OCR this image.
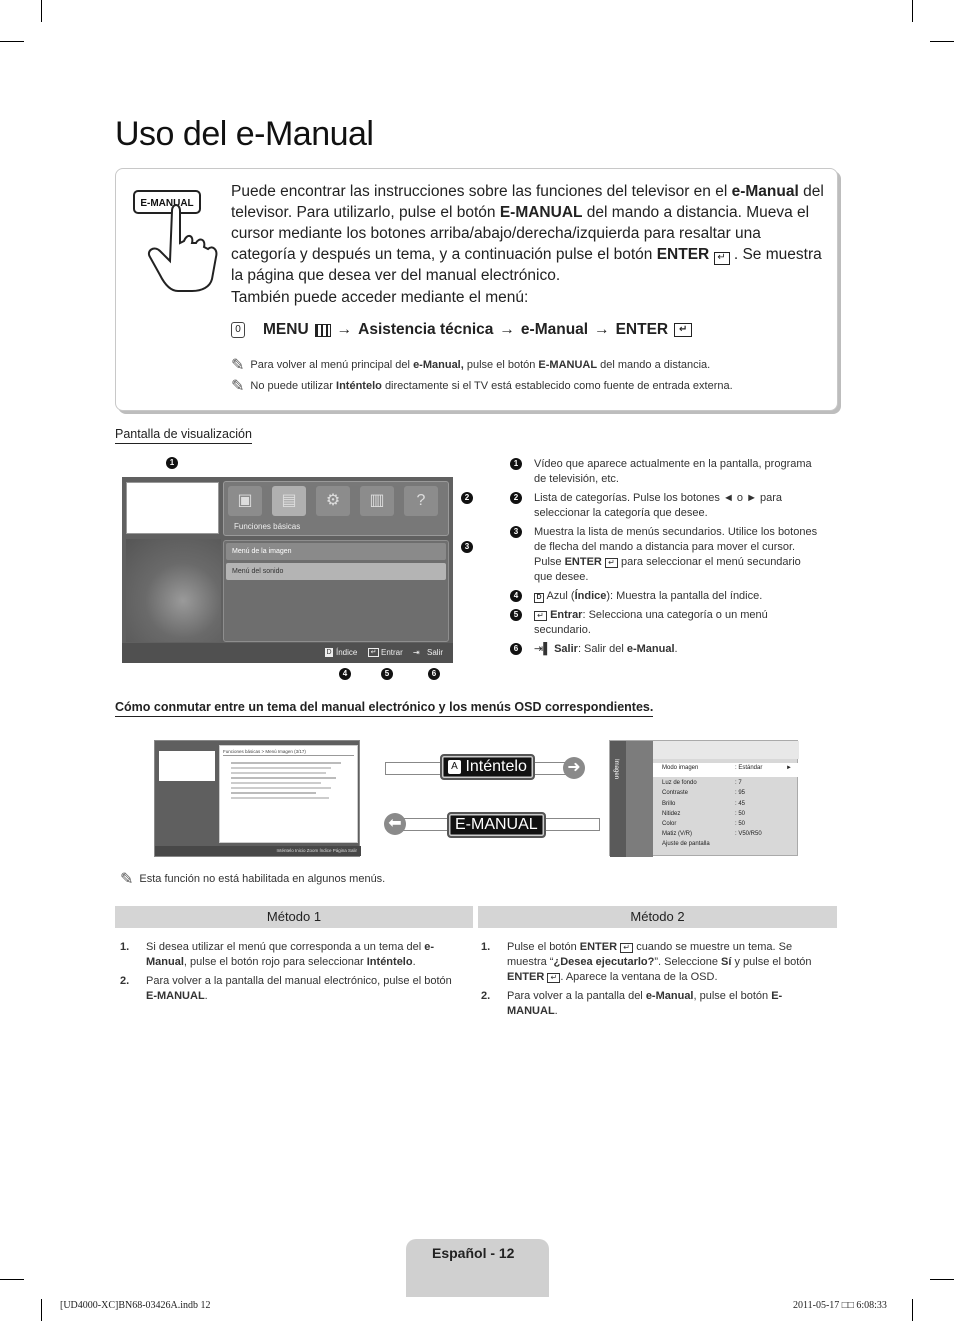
Uso del e-Manual
E-MANUAL
Puede encontrar las instrucciones sobre las funciones del televisor en el e-Manual del televisor. Para utilizarlo, pulse el botón E-MANUAL del mando a distancia. Mueva el cursor mediante los botones arriba/abajo/derecha/izquierda para resaltar una categoría y después un tema, y a continuación pulse el botón ENTER ↵ . Se muestra la página que desea ver del manual electrónico.
También puede acceder mediante el menú:
0 MENU → Asistencia técnica → e-Manual → ENTER	↵
✎ Para volver al menú principal del
e-Manual,
pulse el botón
E-MANUAL
del mando a distancia.
✎ No puede utilizar
Inténtelo
directamente si el TV está establecido como fuente de entrada externa.
Pantalla de visualización
▣	▤	⚙	▥	?
Funciones básicas
Menú de la imagen
Menú del sonido
D Índice	↵ Entrar ⇥ Salir
1
2
3
4	5	6
1	Vídeo que aparece actualmente en la pantalla, programa de televisión, etc.
2	Lista de categorías. Pulse los botones ◄ o ► para seleccionar la categoría que desee.
3	Muestra la lista de menús secundarios. Utilice los botones de flecha del mando a distancia para mover el cursor. Pulse ENTER ↵ para seleccionar el menú secundario que desee.
4	D Azul (Índice): Muestra la pantalla del índice.
5	↵ Entrar: Selecciona una categoría o un menú secundario.
6	⇥▌ Salir: Salir del e-Manual.
Cómo conmutar entre un tema del manual electrónico y los menús OSD correspondientes.
Funciones básicas > Menú Imagen (3/17)
Inténtelo Inicio Zoom Índice Página Salir
➜
A Inténtelo
⬅	E-MANUAL
Imagen	Modo imagen	: Estándar	►
Luz de fondo	: 7
Contraste	: 95
Brillo	: 45
Nitidez	: 50
Color	: 50
Matiz (V/R)	: V50/R50
Ajuste de pantalla
✎ Esta función no está habilitada en algunos menús.
Método 1	Método 2
1.	Si desea utilizar el menú que corresponda a un tema del e-Manual, pulse el botón rojo para seleccionar Inténtelo.
2.	Para volver a la pantalla del manual electrónico, pulse el botón E-MANUAL.
1.	Pulse el botón ENTER ↵ cuando se muestre un tema. Se muestra “¿Desea ejecutarlo?”. Seleccione Sí y pulse el botón ENTER ↵ . Aparece la ventana de la OSD.
2.	Para volver a la pantalla del e-Manual, pulse el botón E-MANUAL.
Español - 12
[UD4000-XC]BN68-03426A.indb 12	2011-05-17 □□ 6:08:33
